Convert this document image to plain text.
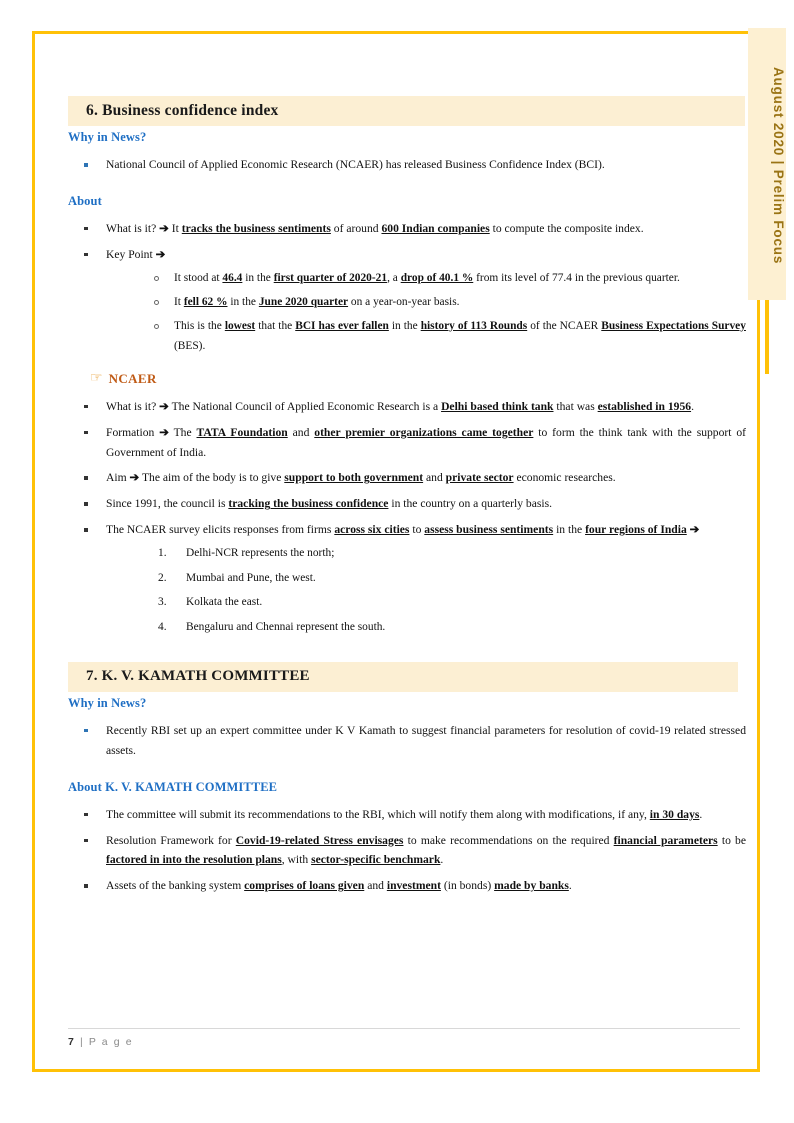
August 2020 | Prelim Focus
6. Business confidence index
Why in News?
National Council of Applied Economic Research (NCAER) has released Business Confidence Index (BCI).
About
What is it? ➔ It tracks the business sentiments of around 600 Indian companies to compute the composite index.
Key Point ➔
It stood at 46.4 in the first quarter of 2020-21, a drop of 40.1 % from its level of 77.4 in the previous quarter.
It fell 62 % in the June 2020 quarter on a year-on-year basis.
This is the lowest that the BCI has ever fallen in the history of 113 Rounds of the NCAER Business Expectations Survey (BES).
☞ NCAER
What is it? ➔ The National Council of Applied Economic Research is a Delhi based think tank that was established in 1956.
Formation ➔ The TATA Foundation and other premier organizations came together to form the think tank with the support of Government of India.
Aim ➔ The aim of the body is to give support to both government and private sector economic researches.
Since 1991, the council is tracking the business confidence in the country on a quarterly basis.
The NCAER survey elicits responses from firms across six cities to assess business sentiments in the four regions of India ➔
Delhi-NCR represents the north;
Mumbai and Pune, the west.
Kolkata the east.
Bengaluru and Chennai represent the south.
7. K. V. KAMATH COMMITTEE
Why in News?
Recently RBI set up an expert committee under K V Kamath to suggest financial parameters for resolution of covid-19 related stressed assets.
About K. V. KAMATH COMMITTEE
The committee will submit its recommendations to the RBI, which will notify them along with modifications, if any, in 30 days.
Resolution Framework for Covid-19-related Stress envisages to make recommendations on the required financial parameters to be factored in into the resolution plans, with sector-specific benchmark.
Assets of the banking system comprises of loans given and investment (in bonds) made by banks.
7 | P a g e
